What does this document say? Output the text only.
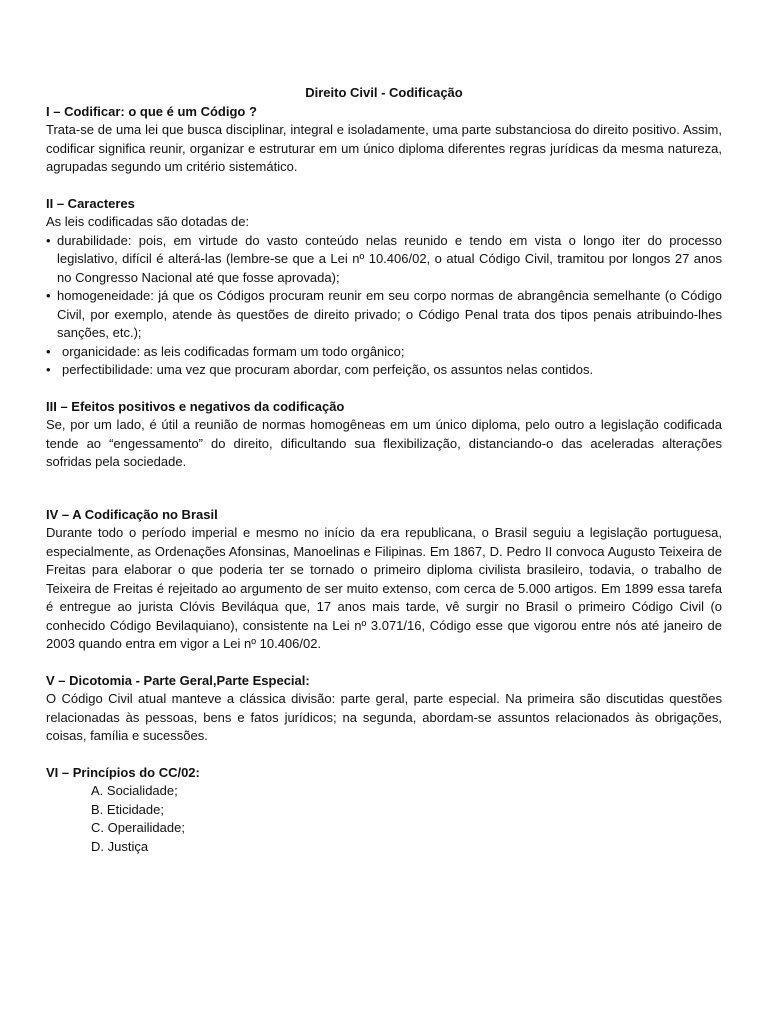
Direito Civil - Codificação

I – Codificar: o que é um Código ?

Trata-se de uma lei que busca disciplinar, integral e isoladamente, uma parte substanciosa do direito positivo. Assim, codificar significa reunir, organizar e estruturar em um único diploma diferentes regras jurídicas da mesma natureza, agrupadas segundo um critério sistemático.

II – Caracteres

As leis codificadas são dotadas de:

• durabilidade: pois, em virtude do vasto conteúdo nelas reunido e tendo em vista o longo iter do processo legislativo, difícil é alterá-las (lembre-se que a Lei nº 10.406/02, o atual Código Civil, tramitou por longos 27 anos no Congresso Nacional até que fosse aprovada);
• homogeneidade: já que os Códigos procuram reunir em seu corpo normas de abrangência semelhante (o Código Civil, por exemplo, atende às questões de direito privado; o Código Penal trata dos tipos penais atribuindo-lhes sanções, etc.);
• organicidade: as leis codificadas formam um todo orgânico;
• perfectibilidade: uma vez que procuram abordar, com perfeição, os assuntos nelas contidos.

III – Efeitos positivos e negativos da codificação

Se, por um lado, é útil a reunião de normas homogêneas em um único diploma, pelo outro a legislação codificada tende ao “engessamento” do direito, dificultando sua flexibilização, distanciando-o das aceleradas alterações sofridas pela sociedade.

IV – A Codificação no Brasil

Durante todo o período imperial e mesmo no início da era republicana, o Brasil seguiu a legislação portuguesa, especialmente, as Ordenações Afonsinas, Manoelinas e Filipinas. Em 1867, D. Pedro II convoca Augusto Teixeira de Freitas para elaborar o que poderia ter se tornado o primeiro diploma civilista brasileiro, todavia, o trabalho de Teixeira de Freitas é rejeitado ao argumento de ser muito extenso, com cerca de 5.000 artigos. Em 1899 essa tarefa é entregue ao jurista Clóvis Beviláqua que, 17 anos mais tarde, vê surgir no Brasil o primeiro Código Civil (o conhecido Código Bevilaquiano), consistente na Lei nº 3.071/16, Código esse que vigorou entre nós até janeiro de 2003 quando entra em vigor a Lei nº 10.406/02.

V – Dicotomia - Parte Geral,Parte Especial:

O Código Civil atual manteve a clássica divisão: parte geral, parte especial. Na primeira são discutidas questões relacionadas às pessoas, bens e fatos jurídicos; na segunda, abordam-se assuntos relacionados às obrigações, coisas, família e sucessões.

VI – Princípios do CC/02:

A. Socialidade;
B. Eticidade;
C. Operailidade;
D. Justiça
